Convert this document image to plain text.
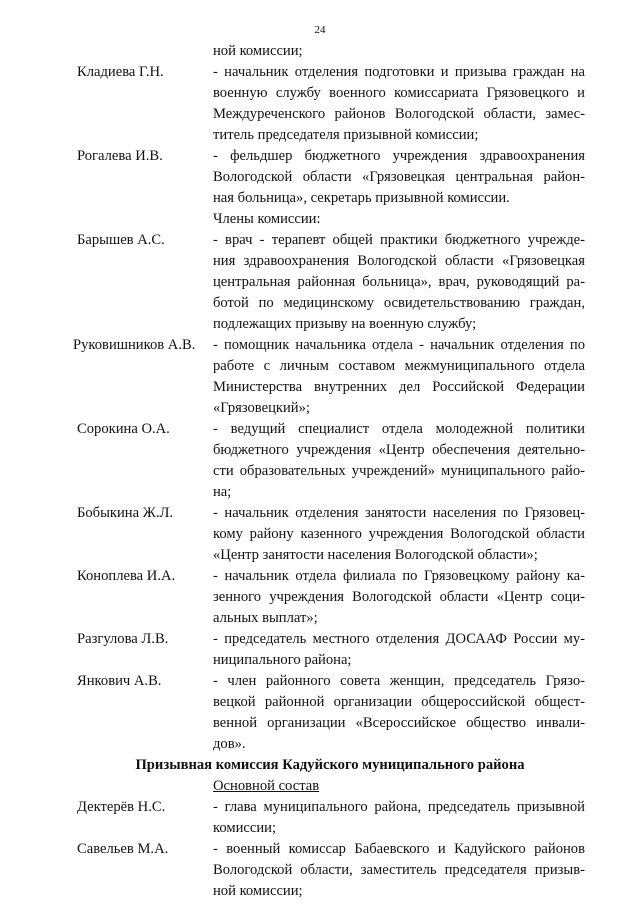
24
ной комиссии;
Кладиева Г.Н.	- начальник отделения подготовки и призыва граждан на
военную службу военного комиссариата Грязовецкого и
Междуреченского районов Вологодской области, замес-
титель председателя призывной комиссии;
Рогалева И.В.	- фельдшер бюджетного учреждения здравоохранения
Вологодской области «Грязовецкая центральная район-
ная больница», секретарь призывной комиссии.
Члены комиссии:
Барышев А.С.	- врач - терапевт общей практики бюджетного учрежде-
ния здравоохранения Вологодской области «Грязовецкая
центральная районная больница», врач, руководящий ра-
ботой по медицинскому освидетельствованию граждан,
подлежащих призыву на военную службу;
Руковишников А.В. - помощник начальника отдела - начальник отделения по
работе с личным составом межмуниципального отдела
Министерства внутренних дел Российской Федерации
«Грязовецкий»;
Сорокина О.А.	- ведущий специалист отдела молодежной политики
бюджетного учреждения «Центр обеспечения деятельно-
сти образовательных учреждений» муниципального райо-
на;
Бобыкина Ж.Л.	- начальник отделения занятости населения по Грязовец-
кому району казенного учреждения Вологодской области
«Центр занятости населения Вологодской области»;
Коноплева И.А.	- начальник отдела филиала по Грязовецкому району ка-
зенного учреждения Вологодской области «Центр соци-
альных выплат»;
Разгулова Л.В.	- председатель местного отделения ДОСААФ России му-
ниципального района;
Янкович А.В.	- член районного совета женщин, председатель Грязо-
вецкой районной организации общероссийской общест-
венной организации «Всероссийское общество инвали-
дов».
Призывная комиссия Кадуйского муниципального района
Основной состав
Дектерёв Н.С.	- глава муниципального района, председатель призывной
комиссии;
Савельев М.А.	- военный комиссар Бабаевского и Кадуйского районов
Вологодской области, заместитель председателя призыв-
ной комиссии;
